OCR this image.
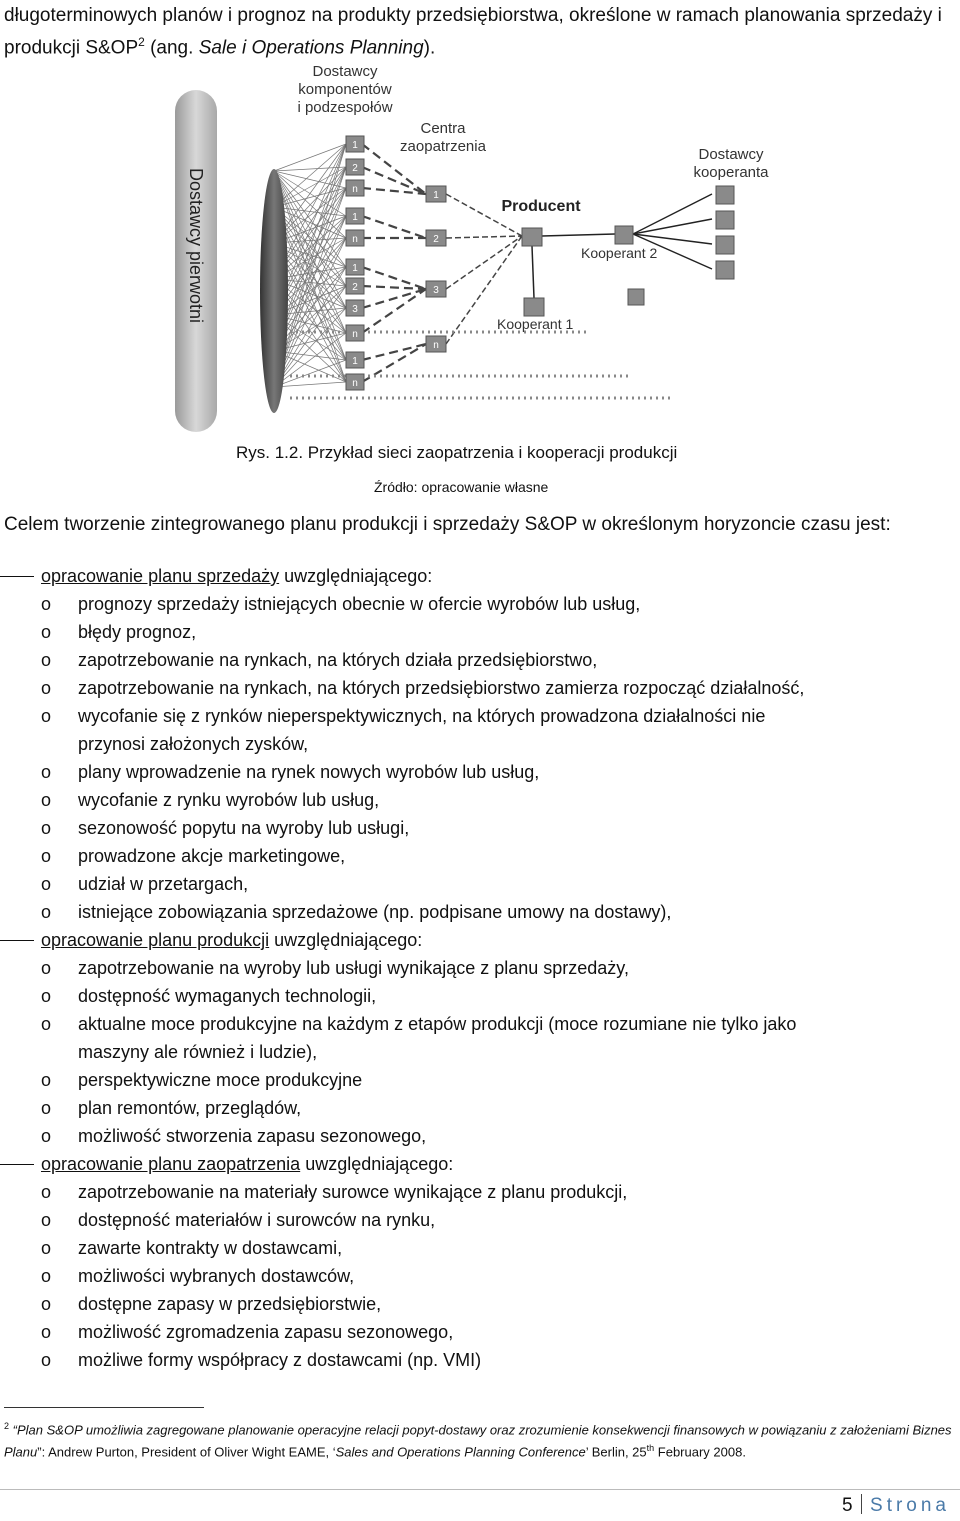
długoterminowych planów i prognoz na produkty przedsiębiorstwa, określone w ramach planowania sprzedaży i produkcji $S\&OP^2$ (ang. Sale i Operations Planning).
Dostawcy pierwotni
1
2
n
1
n
1
2
3
n
1
n
1
2
3
n
Dostawcy
komponentów
i podzespołów
Centra
zaopatrzenia
Producent
Dostawcy
kooperanta
Kooperant 2
Kooperant 1
Rys. 1.2. Przykład sieci zaopatrzenia i kooperacji produkcji
Źródło: opracowanie własne
Celem tworzenie zintegrowanego planu produkcji i sprzedaży S&OP w określonym horyzoncie czasu jest:
opracowanie planu sprzedaży uwzględniającego:
o prognozy sprzedaży istniejących obecnie w ofercie wyrobów lub usług,
o błędy prognoz,
o zapotrzebowanie na rynkach, na których działa przedsiębiorstwo,
o zapotrzebowanie na rynkach, na których przedsiębiorstwo zamierza rozpocząć działalność,
o wycofanie się z rynków nieperspektywicznych, na których prowadzona działalności nie
przynosi założonych zysków,
o plany wprowadzenie na rynek nowych wyrobów lub usług,
o wycofanie z rynku wyrobów lub usług,
o sezonowość popytu na wyroby lub usługi,
o prowadzone akcje marketingowe,
o udział w przetargach,
o istniejące zobowiązania sprzedażowe (np. podpisane umowy na dostawy),
opracowanie planu produkcji uwzględniającego:
o zapotrzebowanie na wyroby lub usługi wynikające z planu sprzedaży,
o dostępność wymaganych technologii,
o aktualne moce produkcyjne na każdym z etapów produkcji (moce rozumiane nie tylko jako
maszyny ale również i ludzie),
o perspektywiczne moce produkcyjne
o plan remontów, przeglądów,
o możliwość stworzenia zapasu sezonowego,
opracowanie planu zaopatrzenia uwzględniającego:
o zapotrzebowanie na materiały surowce wynikające z planu produkcji,
o dostępność materiałów i surowców na rynku,
o zawarte kontrakty w dostawcami,
o możliwości wybranych dostawców,
o dostępne zapasy w przedsiębiorstwie,
o możliwość zgromadzenia zapasu sezonowego,
o możliwe formy współpracy z dostawcami (np. VMI)
$^2$ “Plan S&OP umożliwia zagregowane planowanie operacyjne relacji popyt-dostawy oraz zrozumienie konsekwencji finansowych w powiązaniu z założeniami Biznes Planu”: Andrew Purton, President of Oliver Wight EAME, ‘Sales and Operations Planning Conference’ Berlin, 25th February 2008.
5 Strona
